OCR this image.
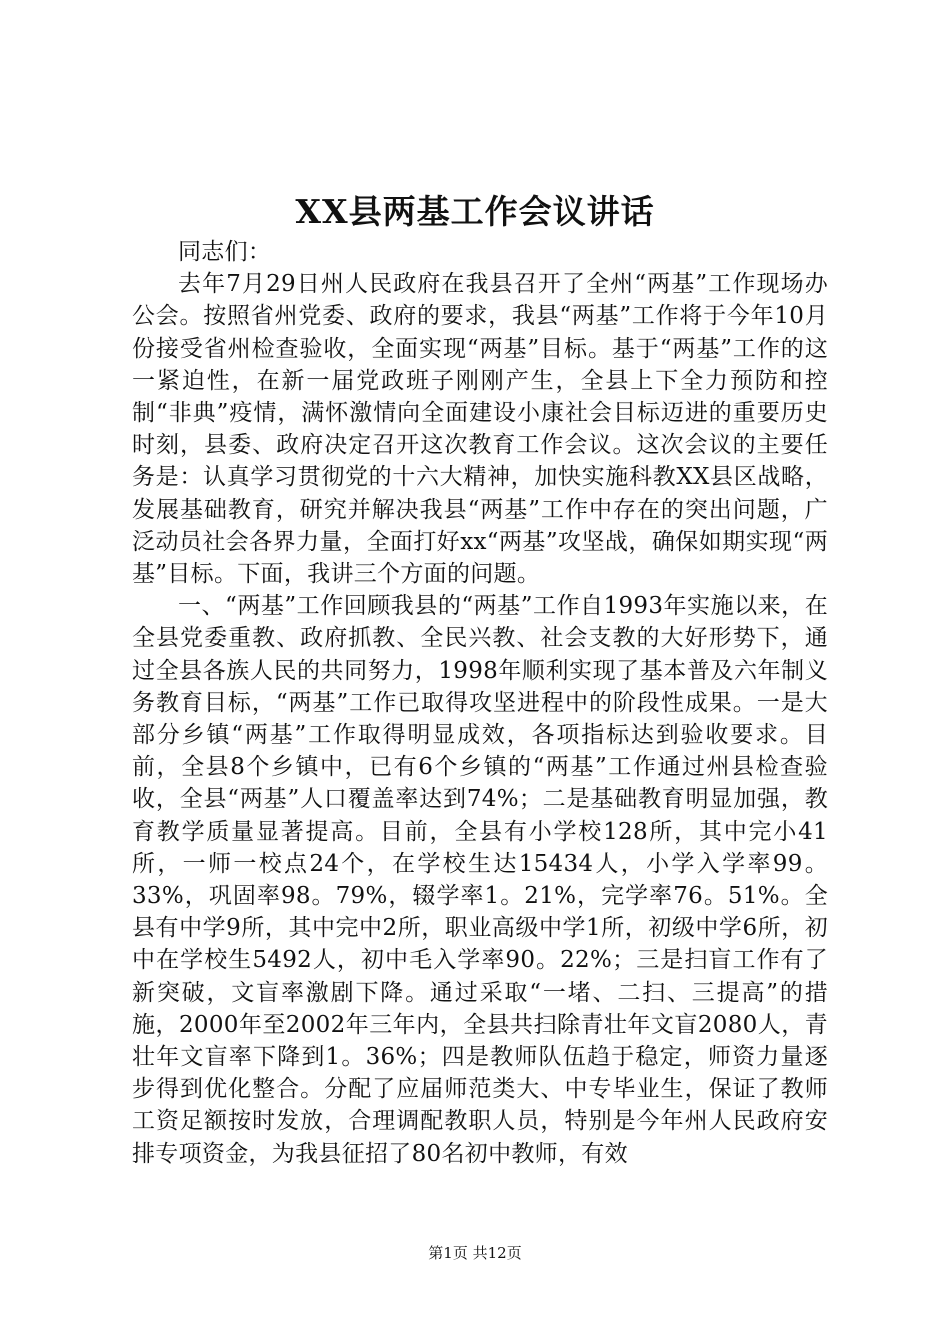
XX县两基工作会议讲话

同志们：

去年7月29日州人民政府在我县召开了全州“两基”工作现场办公会。按照省州党委、政府的要求，我县“两基”工作将于今年10月份接受省州检查验收，全面实现“两基”目标。基于“两基”工作的这一紧迫性，在新一届党政班子刚刚产生，全县上下全力预防和控制“非典”疫情，满怀激情向全面建设小康社会目标迈进的重要历史时刻，县委、政府决定召开这次教育工作会议。这次会议的主要任务是：认真学习贯彻党的十六大精神，加快实施科教XX县区战略，发展基础教育，研究并解决我县“两基”工作中存在的突出问题，广泛动员社会各界力量，全面打好xx“两基”攻坚战，确保如期实现“两基”目标。下面，我讲三个方面的问题。

一、“两基”工作回顾我县的“两基”工作自1993年实施以来，在全县党委重教、政府抓教、全民兴教、社会支教的大好形势下，通过全县各族人民的共同努力，1998年顺利实现了基本普及六年制义务教育目标，“两基”工作已取得攻坚进程中的阶段性成果。一是大部分乡镇“两基”工作取得明显成效，各项指标达到验收要求。目前，全县8个乡镇中，已有6个乡镇的“两基”工作通过州县检查验收，全县“两基”人口覆盖率达到74%；二是基础教育明显加强，教育教学质量显著提高。目前，全县有小学校128所，其中完小41所，一师一校点24个，在学校生达15434人，小学入学率99。33%，巩固率98。79%，辍学率1。21%，完学率76。51%。全县有中学9所，其中完中2所，职业高级中学1所，初级中学6所，初中在学校生5492人，初中毛入学率90。22%；三是扫盲工作有了新突破，文盲率激剧下降。通过采取“一堵、二扫、三提高”的措施，2000年至2002年三年内，全县共扫除青壮年文盲2080人，青壮年文盲率下降到1。36%；四是教师队伍趋于稳定，师资力量逐步得到优化整合。分配了应届师范类大、中专毕业生，保证了教师工资足额按时发放，合理调配教职人员，特别是今年州人民政府安排专项资金，为我县征招了80名初中教师，有效

第1页 共12页
